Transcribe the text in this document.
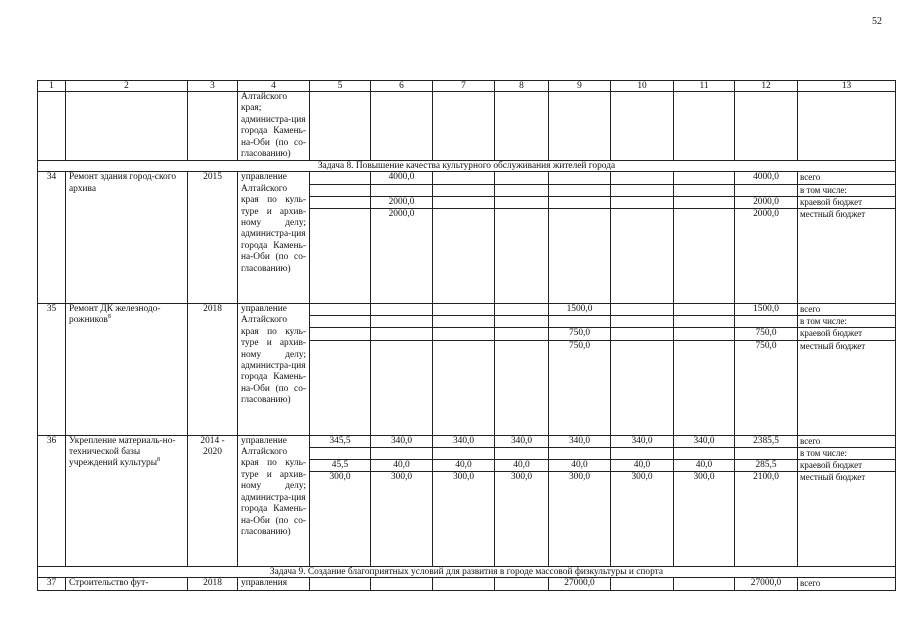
52
1	2	3	4	5	6	7	8	9	10	11	12	13
			Алтайского края; администра-ция города Камень-на-Оби (по со-гласованию)									
Задача 8. Повышение качества культурного обслуживания жителей города												
34	Ремонт здания город-ского архива	2015	управление Алтайского края по куль-туре и архив-ному делу; администра-ция города Камень-на-Оби (по со-гласованию)		4000,0						4000,0	всего
												в том числе:
					2000,0						2000,0	краевой бюджет
					2000,0						2000,0	местный бюджет
35	Ремонт ДК железнодо-рожников$^8$	2018	управление Алтайского края по куль-туре и архив-ному делу; администра-ция города Камень-на-Оби (по со-гласованию)					1500,0			1500,0	всего
												в том числе:
								750,0			750,0	краевой бюджет
								750,0			750,0	местный бюджет
36	Укрепление материаль-но-технической базы учреждений культуры$^8$	2014 - 2020	управление Алтайского края по куль-туре и архив-ному делу; администра-ция города Камень-на-Оби (по со-гласованию)	345,5	340,0	340,0	340,0	340,0	340,0	340,0	2385,5	всего
												в том числе:
				45,5	40,0	40,0	40,0	40,0	40,0	40,0	285,5	краевой бюджет
				300,0	300,0	300,0	300,0	300,0	300,0	300,0	2100,0	местный бюджет
Задача 9. Создание благоприятных условий для развития в городе массовой физкультуры и спорта												
37	Строительство фут-	2018	управления					27000,0			27000,0	всего
